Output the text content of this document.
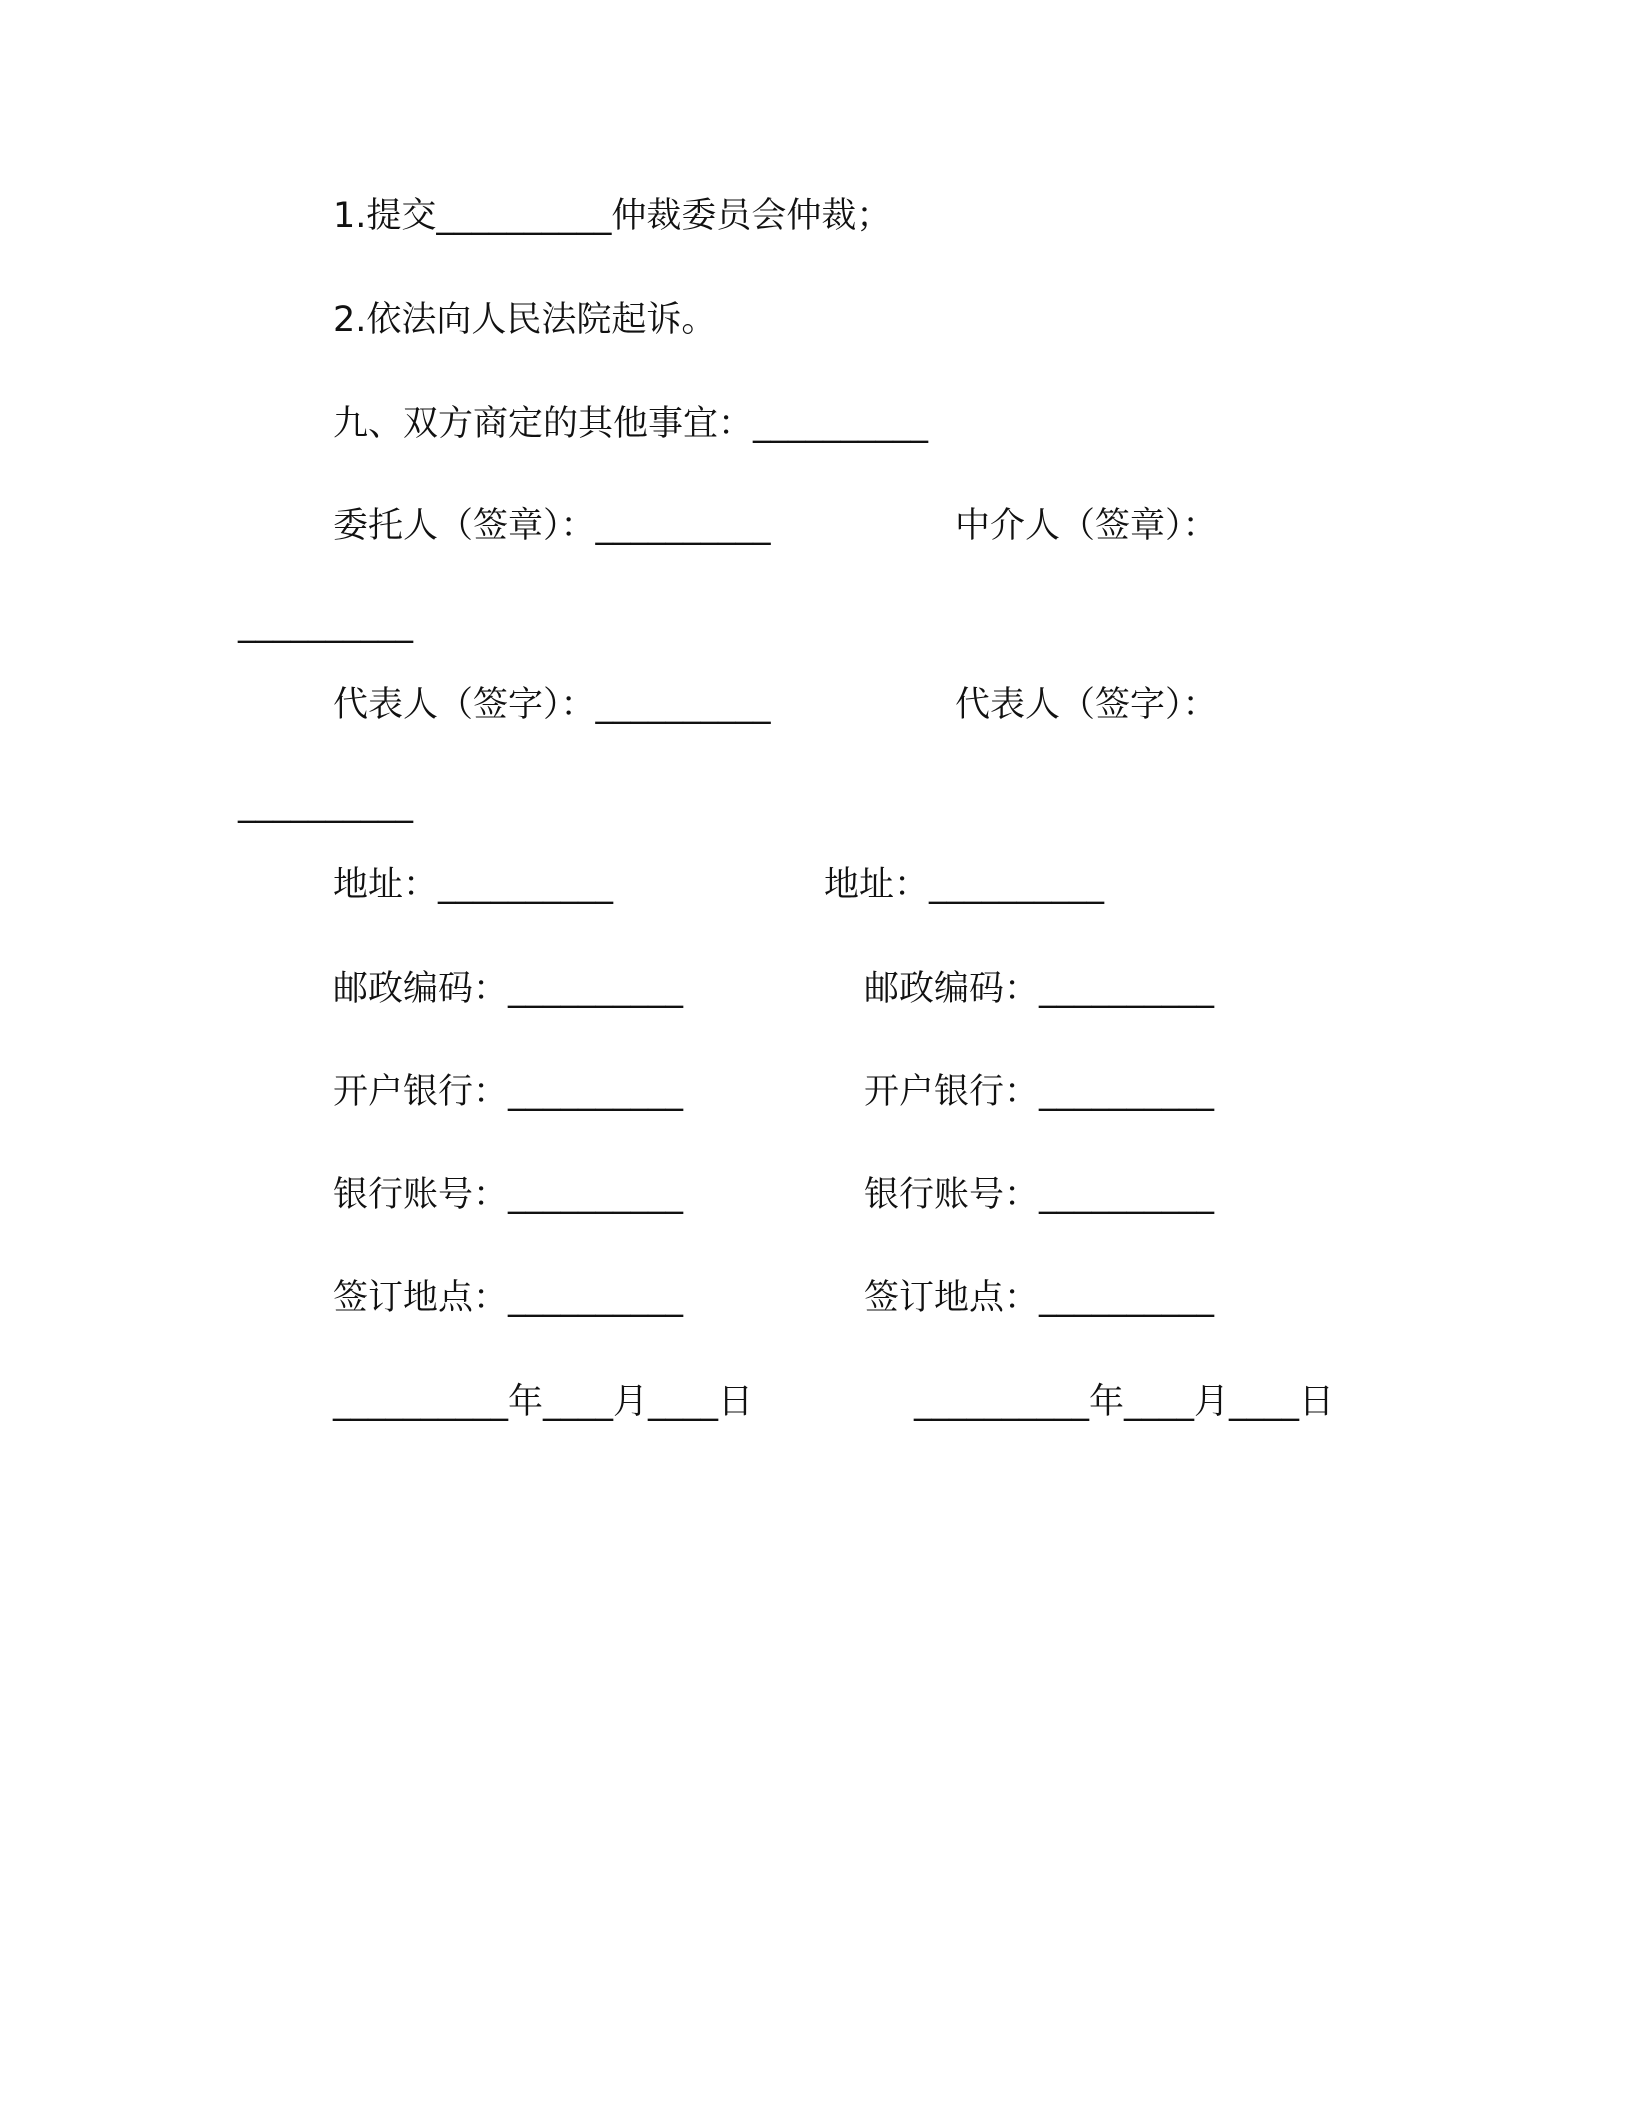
1.提交__________仲裁委员会仲裁；
2.依法向人民法院起诉。
九、双方商定的其他事宜：__________
委托人（签章）：__________	中介人（签章）：
__________
代表人（签字）：__________	代表人（签字）：
__________
地址：__________	地址：__________
邮政编码：__________	邮政编码：__________
开户银行：__________	开户银行：__________
银行账号：__________	银行账号：__________
签订地点：__________	签订地点：__________
__________年____月____日	__________年____月____日
